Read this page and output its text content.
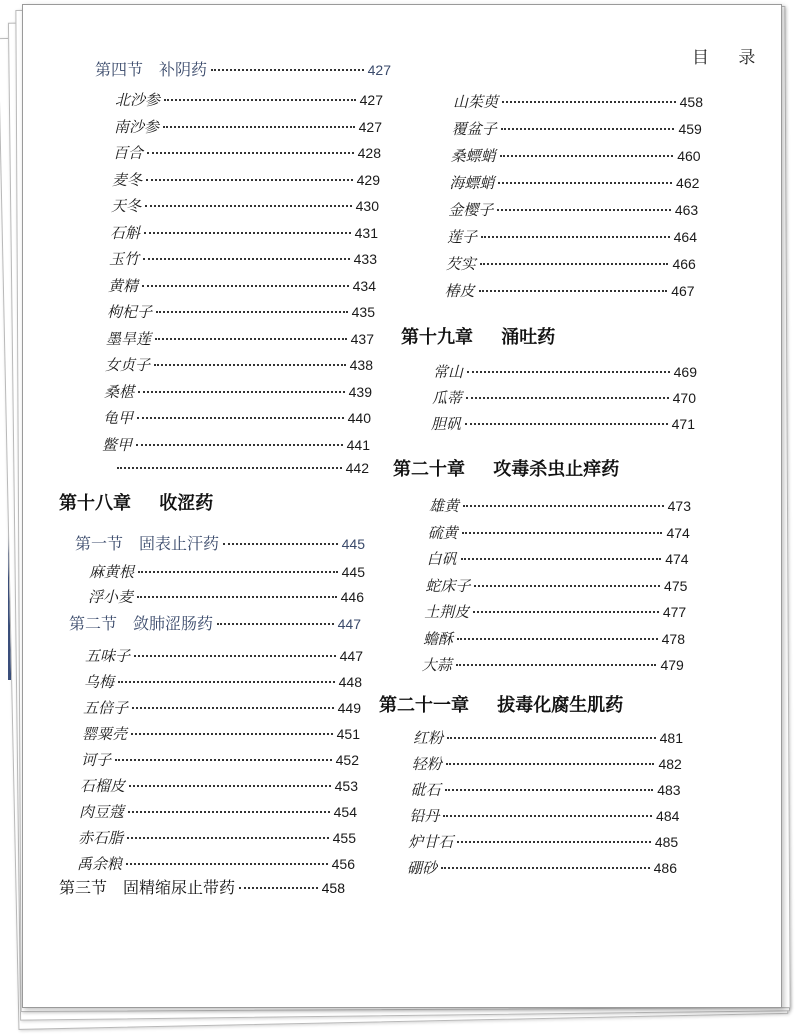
目 录
第四节 补阴药	427
北沙参	427
南沙参	427
百合	428
麦冬	429
天冬	430
石斛	431
玉竹	433
黄精	434
枸杞子	435
墨旱莲	437
女贞子	438
桑椹	439
龟甲	440
鳖甲	441
442
第十八章 收涩药
第一节 固表止汗药	445
麻黄根	445
浮小麦	446
第二节 敛肺涩肠药	447
五味子	447
乌梅	448
五倍子	449
罂粟壳	451
诃子	452
石榴皮	453
肉豆蔻	454
赤石脂	455
禹余粮	456
第三节 固精缩尿止带药	458
山茱萸	458
覆盆子	459
桑螵蛸	460
海螵蛸	462
金樱子	463
莲子	464
芡实	466
椿皮	467
第十九章 涌吐药
常山	469
瓜蒂	470
胆矾	471
第二十章 攻毒杀虫止痒药
雄黄	473
硫黄	474
白矾	474
蛇床子	475
土荆皮	477
蟾酥	478
大蒜	479
第二十一章 拔毒化腐生肌药
红粉	481
轻粉	482
砒石	483
铅丹	484
炉甘石	485
硼砂	486
